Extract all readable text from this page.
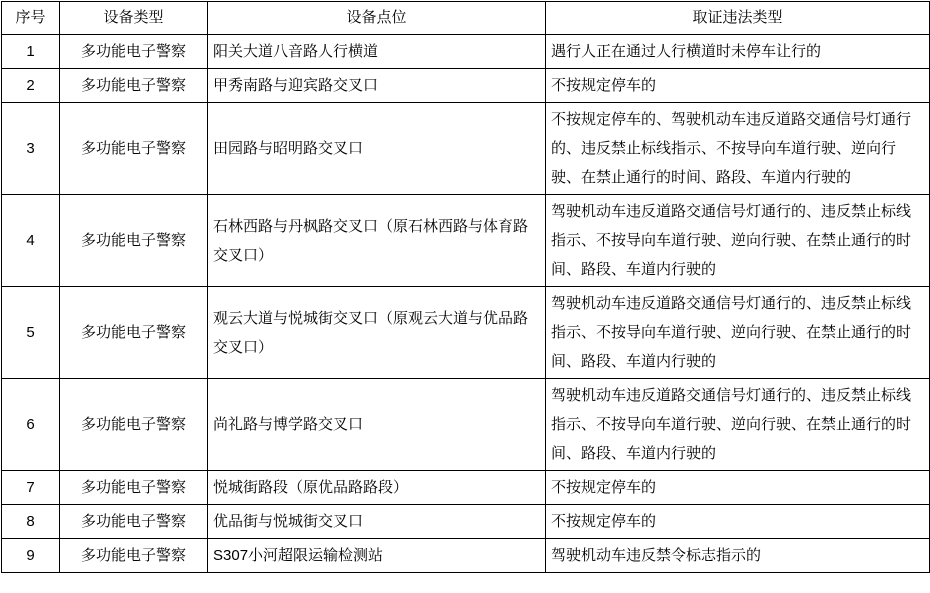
序号	设备类型	设备点位	取证违法类型
1	多功能电子警察	阳关大道八音路人行横道	遇行人正在通过人行横道时未停车让行的
2	多功能电子警察	甲秀南路与迎宾路交叉口	不按规定停车的
3	多功能电子警察	田园路与昭明路交叉口	不按规定停车的、驾驶机动车违反道路交通信号灯通行的、违反禁止标线指示、不按导向车道行驶、逆向行驶、在禁止通行的时间、路段、车道内行驶的
4	多功能电子警察	石林西路与丹枫路交叉口（原石林西路与体育路交叉口）	驾驶机动车违反道路交通信号灯通行的、违反禁止标线指示、不按导向车道行驶、逆向行驶、在禁止通行的时间、路段、车道内行驶的
5	多功能电子警察	观云大道与悦城街交叉口（原观云大道与优品路交叉口）	驾驶机动车违反道路交通信号灯通行的、违反禁止标线指示、不按导向车道行驶、逆向行驶、在禁止通行的时间、路段、车道内行驶的
6	多功能电子警察	尚礼路与博学路交叉口	驾驶机动车违反道路交通信号灯通行的、违反禁止标线指示、不按导向车道行驶、逆向行驶、在禁止通行的时间、路段、车道内行驶的
7	多功能电子警察	悦城街路段（原优品路路段）	不按规定停车的
8	多功能电子警察	优品街与悦城街交叉口	不按规定停车的
9	多功能电子警察	S307小河超限运输检测站	驾驶机动车违反禁令标志指示的
